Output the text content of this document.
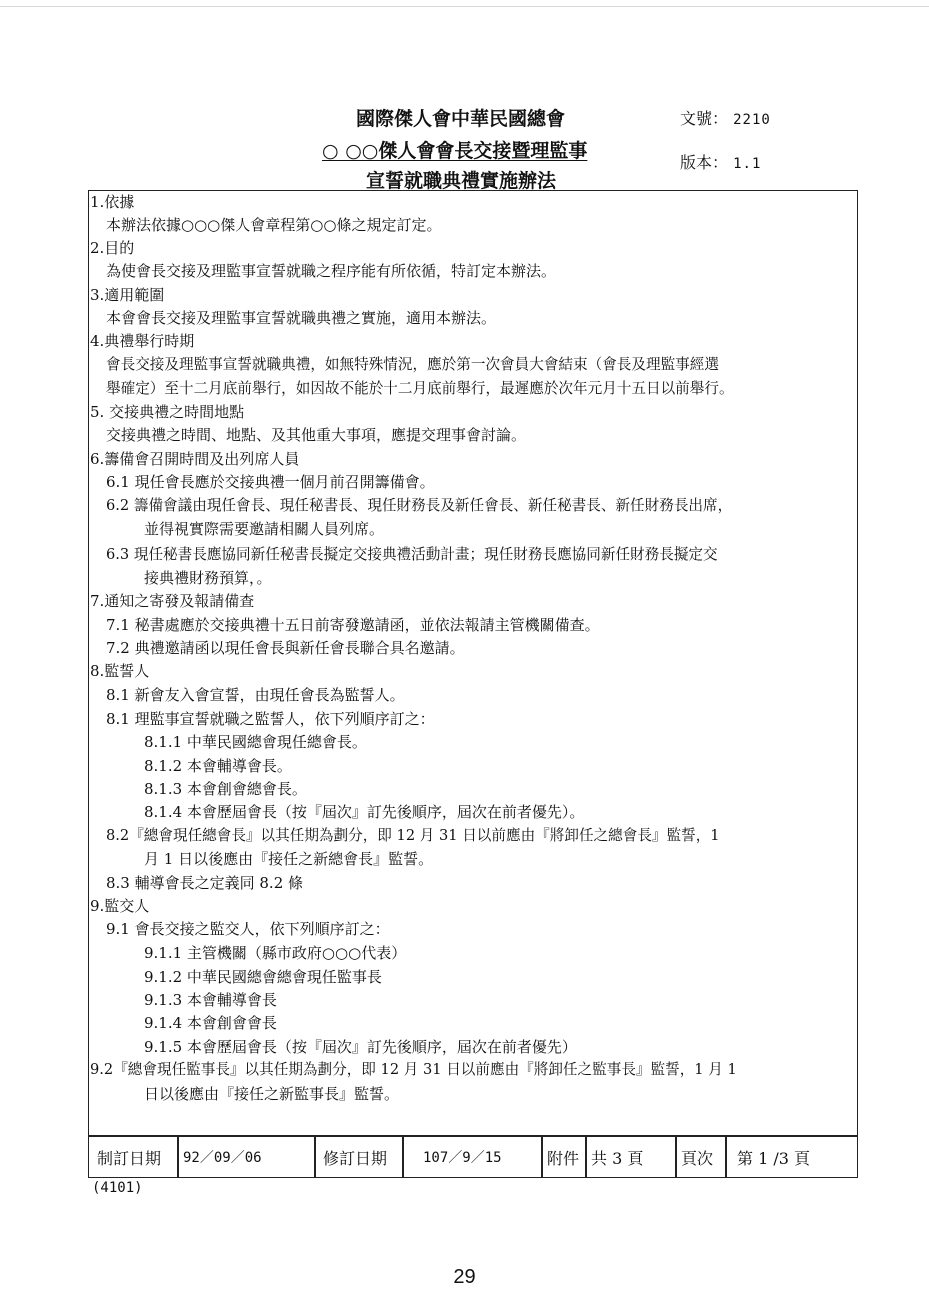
國際傑人會中華民國總會
○ ○○傑人會會長交接暨理監事
宣誓就職典禮實施辦法
文號： 2210
版本： 1.1
1.依據
本辦法依據○○○傑人會章程第○○條之規定訂定。
2.目的
為使會長交接及理監事宣誓就職之程序能有所依循，特訂定本辦法。
3.適用範圍
本會會長交接及理監事宣誓就職典禮之實施，適用本辦法。
4.典禮舉行時期
會長交接及理監事宣誓就職典禮，如無特殊情況，應於第一次會員大會結束（會長及理監事經選
舉確定）至十二月底前舉行，如因故不能於十二月底前舉行，最遲應於次年元月十五日以前舉行。
5. 交接典禮之時間地點
交接典禮之時間、地點、及其他重大事項，應提交理事會討論。
6.籌備會召開時間及出列席人員
6.1 現任會長應於交接典禮一個月前召開籌備會。
6.2 籌備會議由現任會長、現任秘書長、現任財務長及新任會長、新任秘書長、新任財務長出席，
並得視實際需要邀請相關人員列席。
6.3 現任秘書長應協同新任秘書長擬定交接典禮活動計畫；現任財務長應協同新任財務長擬定交
接典禮財務預算，。
7.通知之寄發及報請備查
7.1 秘書處應於交接典禮十五日前寄發邀請函，並依法報請主管機關備查。
7.2 典禮邀請函以現任會長與新任會長聯合具名邀請。
8.監誓人
8.1 新會友入會宣誓，由現任會長為監誓人。
8.1 理監事宣誓就職之監誓人，依下列順序訂之：
8.1.1 中華民國總會現任總會長。
8.1.2 本會輔導會長。
8.1.3 本會創會總會長。
8.1.4 本會歷屆會長（按『屆次』訂先後順序，屆次在前者優先）。
8.2『總會現任總會長』以其任期為劃分，即 12 月 31 日以前應由『將卸任之總會長』監誓，1
月 1 日以後應由『接任之新總會長』監誓。
8.3 輔導會長之定義同 8.2 條
9.監交人
9.1 會長交接之監交人，依下列順序訂之：
9.1.1 主管機關（縣市政府○○○代表）
9.1.2 中華民國總會總會現任監事長
9.1.3 本會輔導會長
9.1.4 本會創會會長
9.1.5 本會歷屆會長（按『屆次』訂先後順序，屆次在前者優先）
9.2『總會現任監事長』以其任期為劃分，即 12 月 31 日以前應由『將卸任之監事長』監誓，1 月 1
日以後應由『接任之新監事長』監誓。
制訂日期	92／09／06	修訂日期	107／9／15	附件 共 3 頁	頁次	第 1 /3 頁
(4101)
29
